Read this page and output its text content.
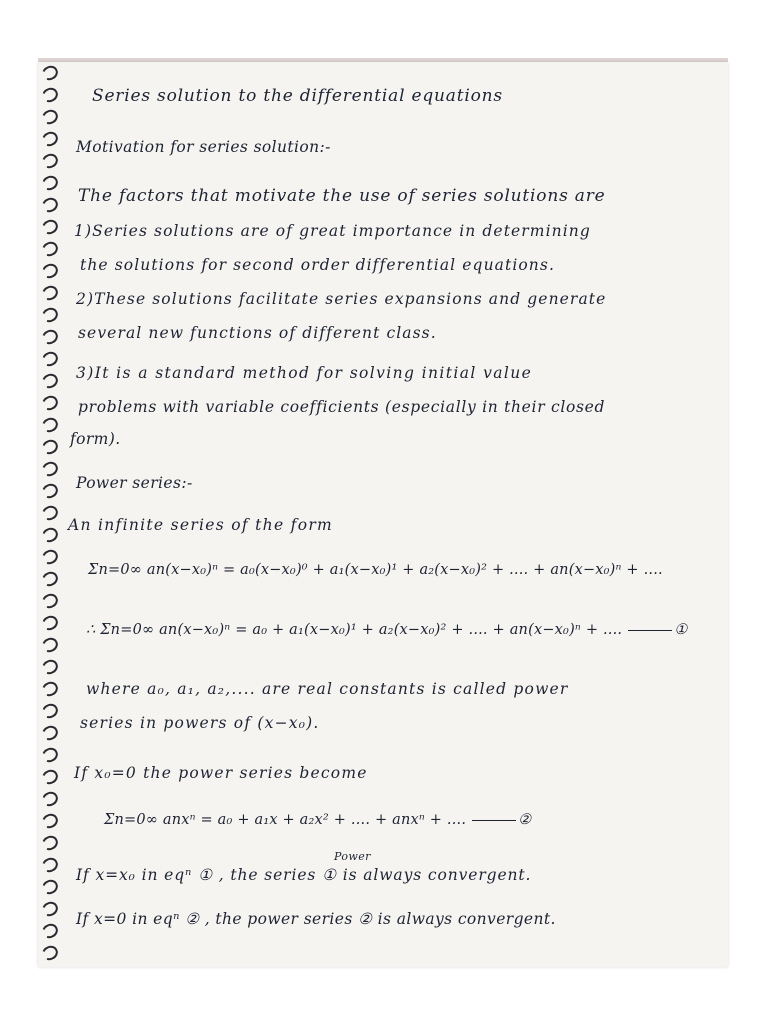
Series solution to the differential equations
Motivation for series solution:-
The factors that motivate the use of series solutions are
1)Series solutions are of great importance in determining
the solutions for second order differential equations.
2)These solutions facilitate series expansions and generate
several new functions of different class.
3)It is a standard method for solving initial value
problems with variable coefficients (especially in their closed
form).
Power series:-
An infinite series of the form
Σn=0∞ an(x−x₀)ⁿ = a₀(x−x₀)⁰ + a₁(x−x₀)¹ + a₂(x−x₀)² + .... + an(x−x₀)ⁿ + ....
∴ Σn=0∞ an(x−x₀)ⁿ = a₀ + a₁(x−x₀)¹ + a₂(x−x₀)² + .... + an(x−x₀)ⁿ + ....	①
where a₀, a₁, a₂,.... are real constants is called power
series in powers of (x−x₀).
If x₀=0 the power series become
Σn=0∞ anxⁿ = a₀ + a₁x + a₂x² + .... + anxⁿ + ....	②
Power
If x=x₀ in eqⁿ ① , the series ① is always convergent.
If x=0 in eqⁿ ② , the power series ② is always convergent.
